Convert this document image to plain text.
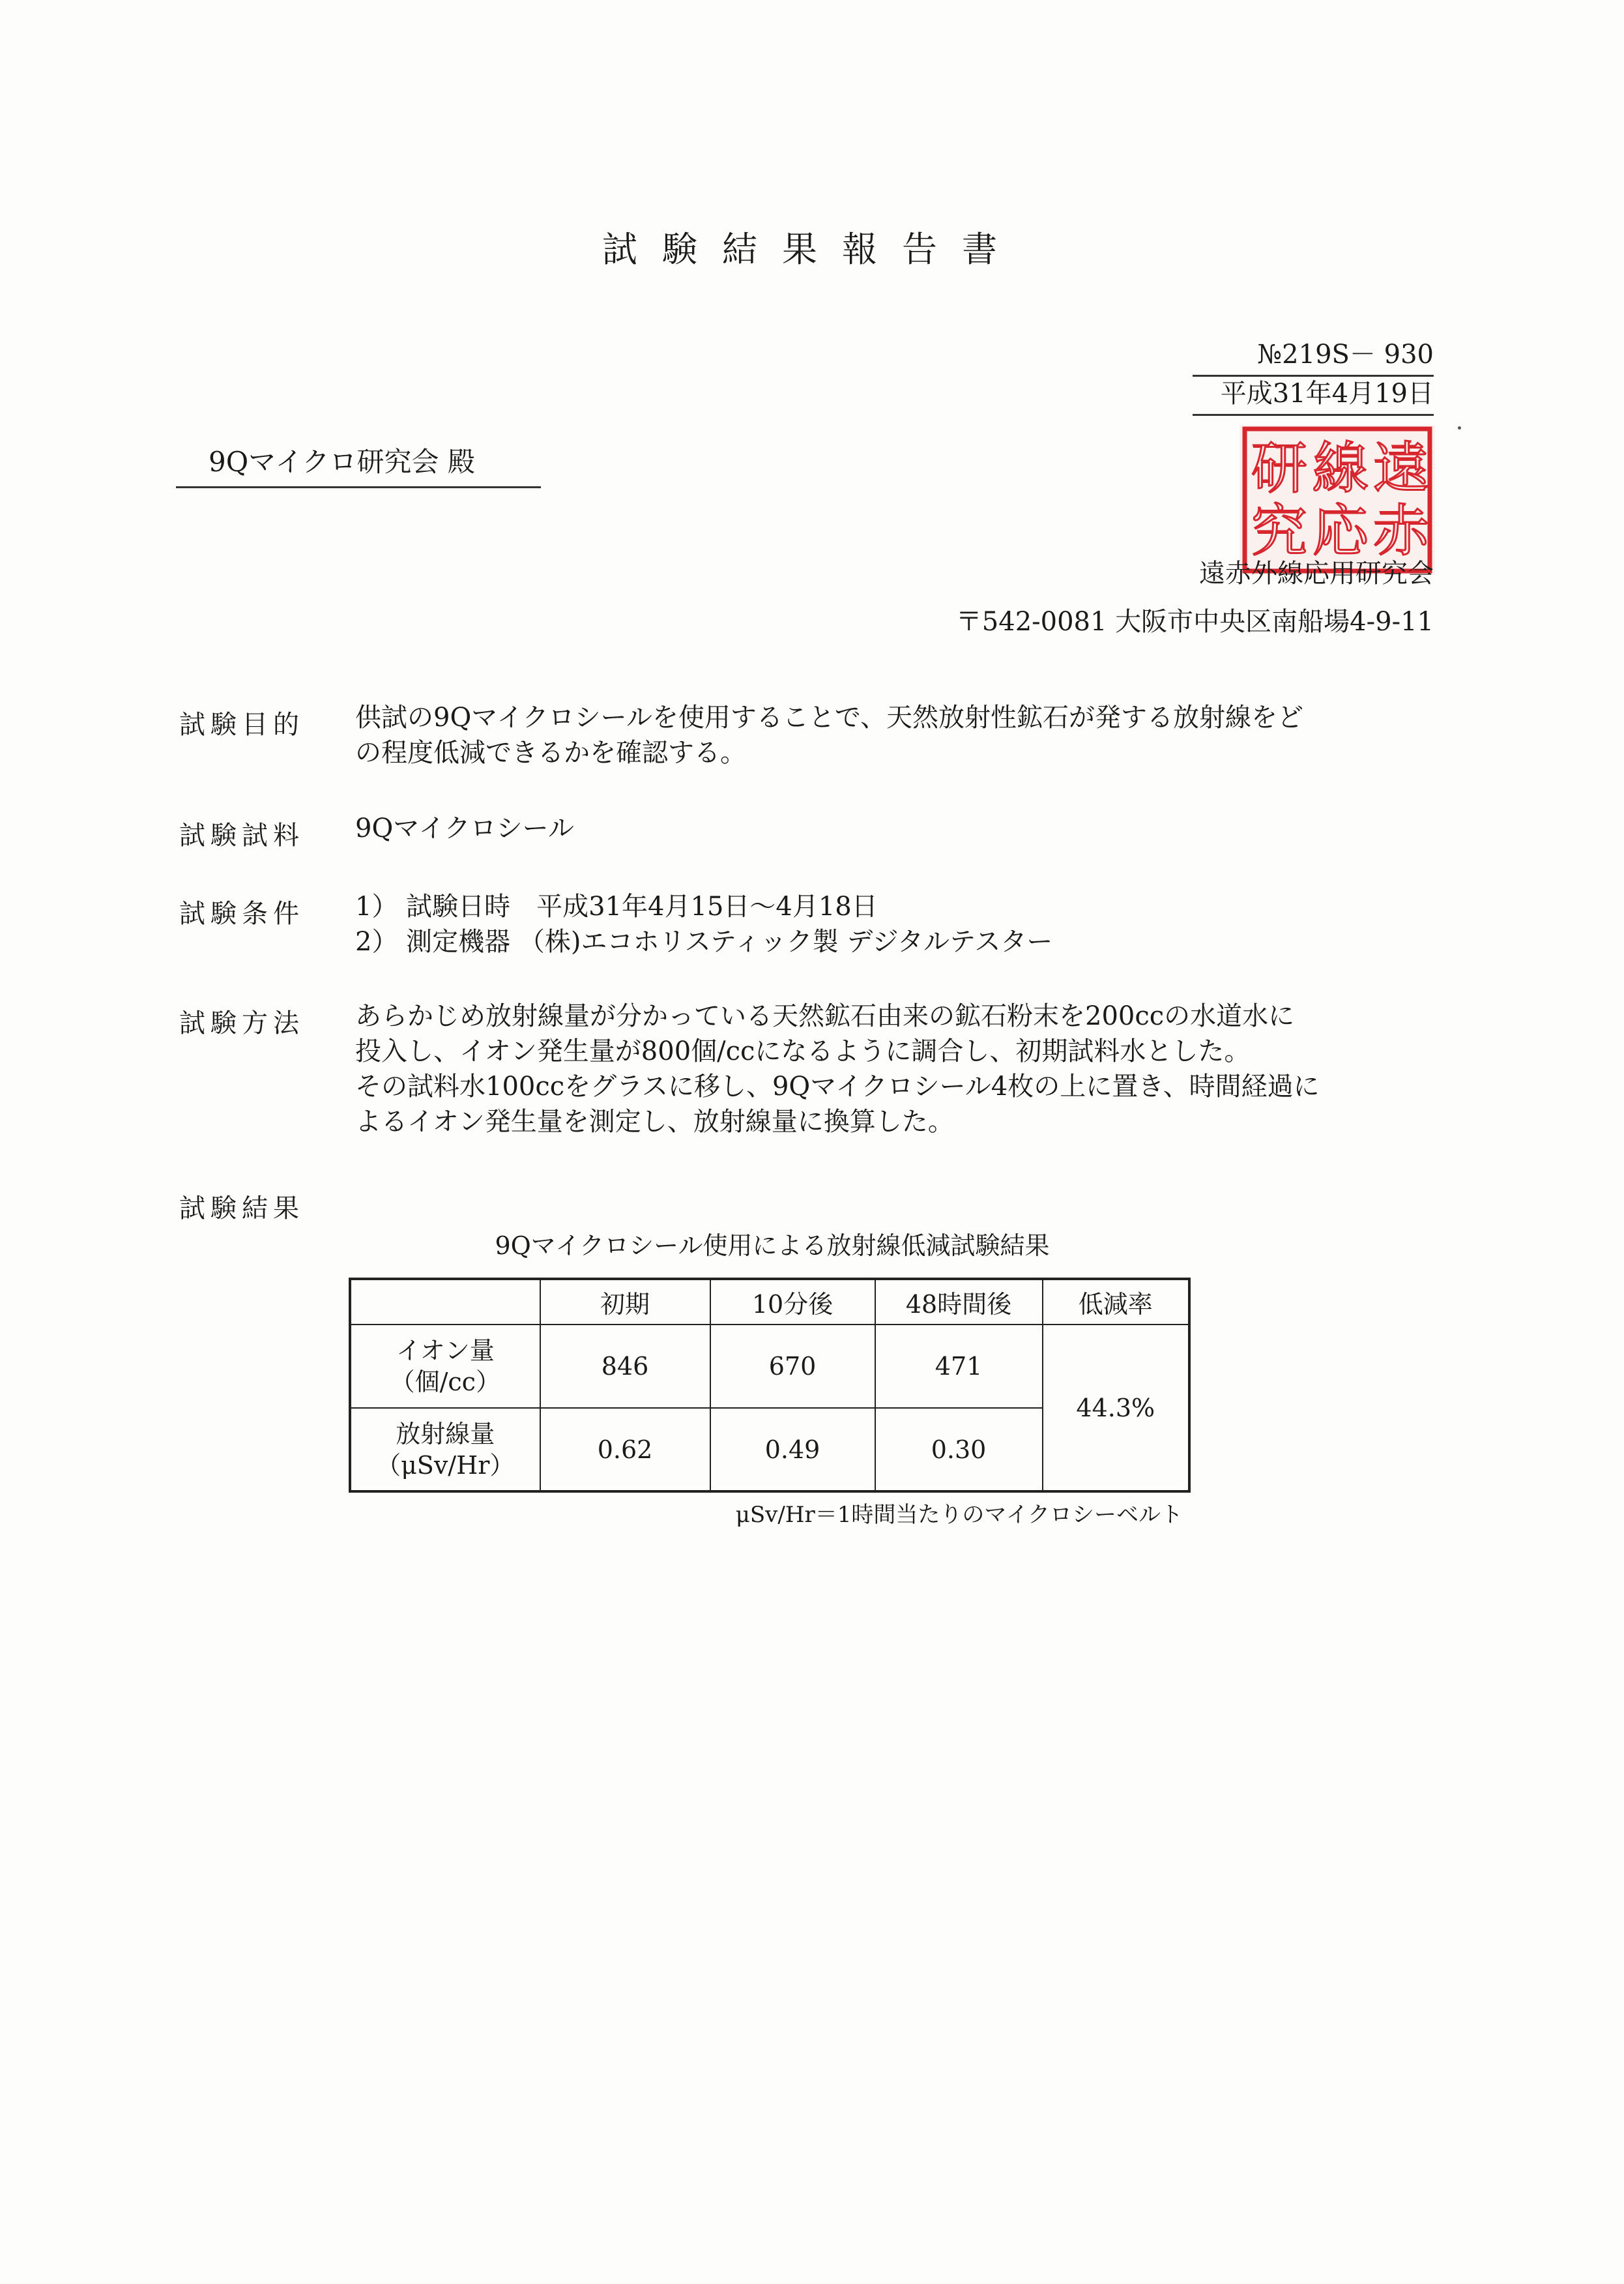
試験結果報告書
№219S－ 930
平成31年4月19日
9Qマイクロ研究会 殿	遠
赤
線
応
研
究
遠赤外線応用研究会
〒542-0081 大阪市中央区南船場4-9-11
試験目的 供試の9Qマイクロシールを使用することで、天然放射性鉱石が発する放射線をど

の程度低減できるかを確認する。

試験試料 9Qマイクロシール

試験条件 1） 試験日時　平成31年4月15日～4月18日

2） 測定機器 （株)エコホリスティック製 デジタルテスター

試験方法 あらかじめ放射線量が分かっている天然鉱石由来の鉱石粉末を200ccの水道水に

投入し、イオン発生量が800個/ccになるように調合し、初期試料水とした。

その試料水100ccをグラスに移し、9Qマイクロシール4枚の上に置き、時間経過に

よるイオン発生量を測定し、放射線量に換算した。

試験結果
9Qマイクロシール使用による放射線低減試験結果
	初期	10分後	48時間後	低減率

イオン量
（個/cc）	846	670	471	44.3%

放射線量
（μSv/Hr）	0.62	0.49	0.30	
μSv/Hr＝1時間当たりのマイクロシーベルト
